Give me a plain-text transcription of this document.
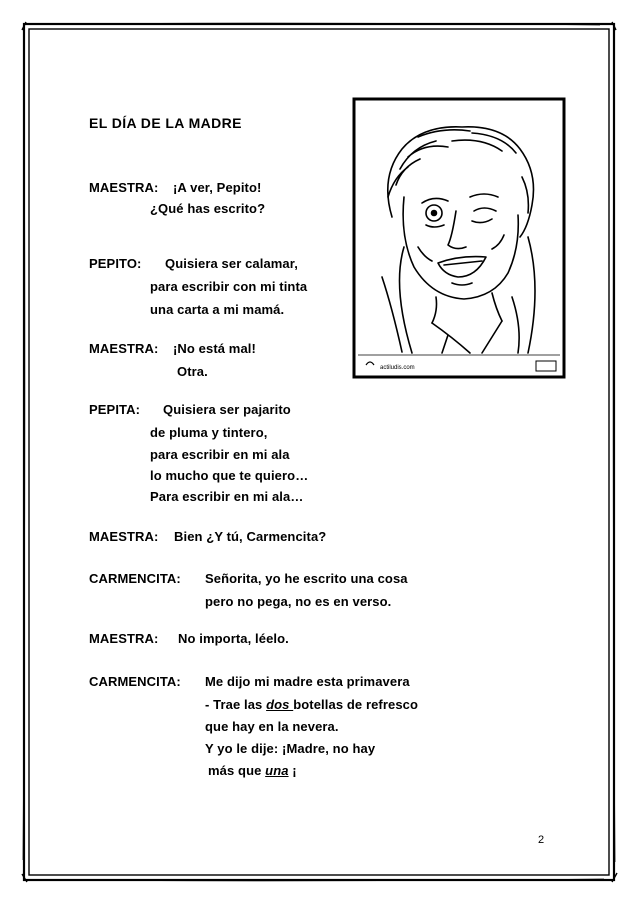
EL DÍA DE LA MADRE
actiludis.com
MAESTRA: ¡A ver, Pepito!
¿Qué has escrito?
PEPITO: Quisiera ser calamar,
para escribir con mi tinta
una carta a mi mamá.
MAESTRA: ¡No está mal!
Otra.
PEPITA: Quisiera ser pajarito
de pluma y tintero,
para escribir en mi ala
lo mucho que te quiero…
Para escribir en mi ala…
MAESTRA: Bien ¿Y tú, Carmencita?
CARMENCITA: Señorita, yo he escrito una cosa
pero no pega, no es en verso.
MAESTRA: No importa, léelo.
CARMENCITA: Me dijo mi madre esta primavera
- Trae las dos botellas de refresco
que hay en la nevera.
Y yo le dije: ¡Madre, no hay
más que una ¡
2
